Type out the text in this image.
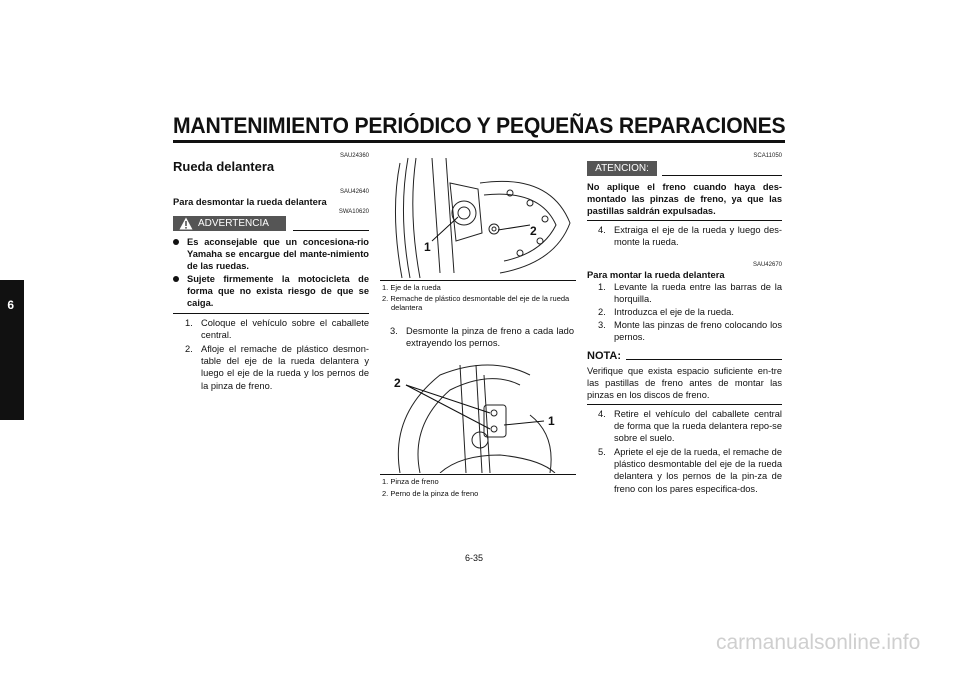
MANTENIMIENTO PERIÓDICO Y PEQUEÑAS REPARACIONES
6
SAU24360
Rueda delantera
SAU42640
Para desmontar la rueda delantera
SWA10620
ADVERTENCIA
Es aconsejable que un concesiona-rio Yamaha se encargue del mante-nimiento de las ruedas.
Sujete firmemente la motocicleta de forma que no exista riesgo de que se caiga.
1. Coloque el vehículo sobre el caballete central.
2. Afloje el remache de plástico desmon-table del eje de la rueda delantera y luego el eje de la rueda y los pernos de la pinza de freno.
1
2
1. Eje de la rueda
2. Remache de plástico desmontable del eje de la rueda delantera
3. Desmonte la pinza de freno a cada lado extrayendo los pernos.
2
1
1. Pinza de freno
2. Perno de la pinza de freno
SCA11050
ATENCION:
No aplique el freno cuando haya des-montado las pinzas de freno, ya que las pastillas saldrán expulsadas.
4. Extraiga el eje de la rueda y luego des-monte la rueda.
SAU42670
Para montar la rueda delantera
1. Levante la rueda entre las barras de la horquilla.
2. Introduzca el eje de la rueda.
3. Monte las pinzas de freno colocando los pernos.
NOTA:
Verifique que exista espacio suficiente en-tre las pastillas de freno antes de montar las pinzas en los discos de freno.
4. Retire el vehículo del caballete central de forma que la rueda delantera repo-se sobre el suelo.
5. Apriete el eje de la rueda, el remache de plástico desmontable del eje de la rueda delantera y los pernos de la pin-za de freno con los pares especifica-dos.
6-35
carmanualsonline.info
